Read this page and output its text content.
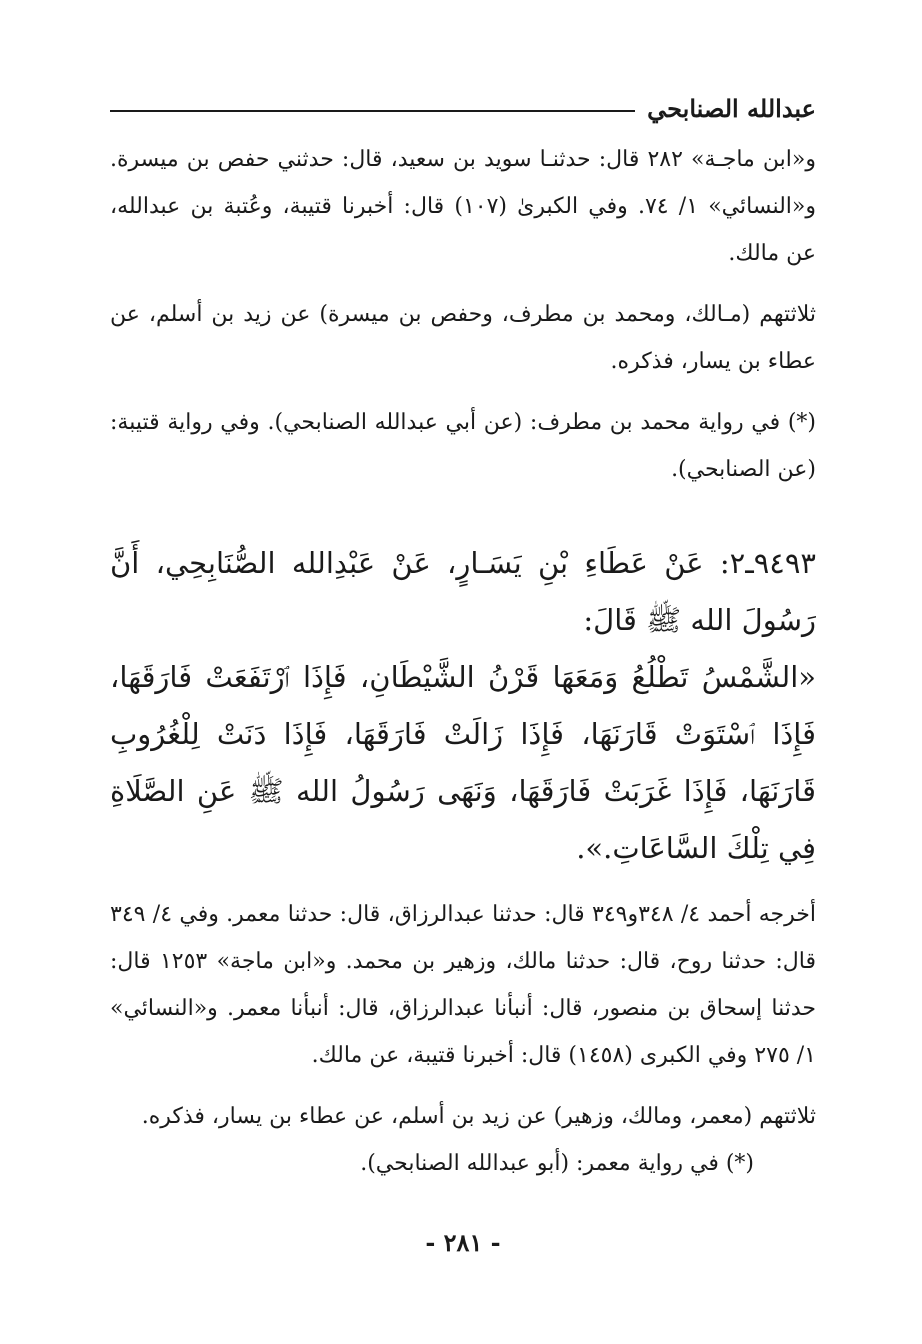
عبدالله الصنابحي

و«ابن ماجـة» ٢٨٢ قال: حدثنـا سويد بن سعيد، قال: حدثني حفص بن ميسرة. و«النسائي» ١/ ٧٤. وفي الكبرىٰ (١٠٧) قال: أخبرنا قتيبة، وعُتبة بن عبدالله، عن مالك.

ثلاثتهم (مـالك، ومحمد بن مطرف، وحفص بن ميسرة) عن زيد بن أسلم، عن عطاء بن يسار، فذكره.

(*) في رواية محمد بن مطرف: (عن أبي عبدالله الصنابحي). وفي رواية قتيبة: (عن الصنابحي).

٩٤٩٣ـ٢: عَنْ عَطَاءِ بْنِ يَسَـارٍ، عَنْ عَبْدِالله الصُّنَابِحِي، أَنَّ رَسُولَ الله ﷺ قَالَ:

«الشَّمْسُ تَطْلُعُ وَمَعَهَا قَرْنُ الشَّيْطَانِ، فَإِذَا ٱرْتَفَعَتْ فَارَقَهَا، فَإِذَا ٱسْتَوَتْ قَارَنَهَا، فَإِذَا زَالَتْ فَارَقَهَا، فَإِذَا دَنَتْ لِلْغُرُوبِ قَارَنَهَا، فَإِذَا غَرَبَتْ فَارَقَهَا، وَنَهَى رَسُولُ الله ﷺ عَنِ الصَّلَاةِ فِي تِلْكَ السَّاعَاتِ.».

أخرجه أحمد ٤/ ٣٤٨و٣٤٩ قال: حدثنا عبدالرزاق، قال: حدثنا معمر. وفي ٤/ ٣٤٩ قال: حدثنا روح، قال: حدثنا مالك، وزهير بن محمد. و«ابن ماجة» ١٢٥٣ قال: حدثنا إسحاق بن منصور، قال: أنبأنا عبدالرزاق، قال: أنبأنا معمر. و«النسائي» ١/ ٢٧٥ وفي الكبرى (١٤٥٨) قال: أخبرنا قتيبة، عن مالك.

ثلاثتهم (معمر، ومالك، وزهير) عن زيد بن أسلم، عن عطاء بن يسار، فذكره.

(*) في رواية معمر: (أبو عبدالله الصنابحي).

- ٢٨١ -
